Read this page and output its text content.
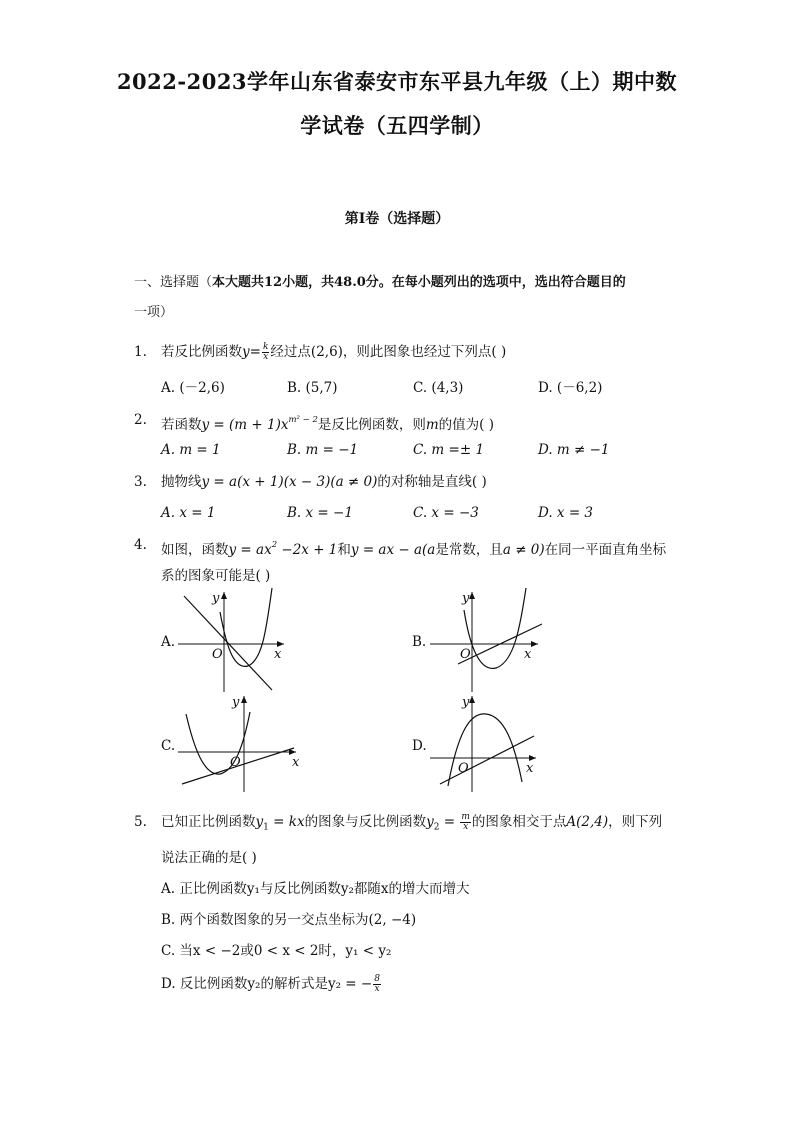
2022-2023学年山东省泰安市东平县九年级（上）期中数
学试卷（五四学制）
第I卷（选择题）
一、选择题（本大题共12小题，共48.0分。在每小题列出的选项中，选出符合题目的
一项）
1. 若反比例函数$y= \frac{k}{x}$ 经过点(2,6)，则此图象也经过下列点( )
A. (－2,6)	B. (5,7)	C. (4,3)	D. (－6,2)
2. 若函数$y = (m + 1)x^{m^2 - 2}$是反比例函数，则m的值为( )
A. m = 1	B. m = −1	C. m =± 1	D. m ≠ −1
3. 抛物线y = a(x + 1)(x − 3)(a ≠ 0)的对称轴是直线( )
A. x = 1	B. x = −1	C. x = −3	D. x = 3
4. 如图，函数$y = ax^2 -2x + 1$和y = ax − a(a是常数，且a ≠ 0)在同一平面直角坐标
系的图象可能是( )
A.	B.
C.	D.
O	x
y
O	x
y
O	x
y
O	x
y
5. 已知正比例函数$y_1$ = kx的图象与反比例函数$y_2 = \frac{m}{x}$ 的图象相交于点A(2,4)，则下列
说法正确的是( )
A. 正比例函数y₁与反比例函数y₂都随x的增大而增大
B. 两个函数图象的另一交点坐标为(2, −4)
C. 当x < −2或0 < x < 2时，y₁ < y₂
D. 反比例函数y₂的解析式是y₂ = − $\frac{8}{x}$
